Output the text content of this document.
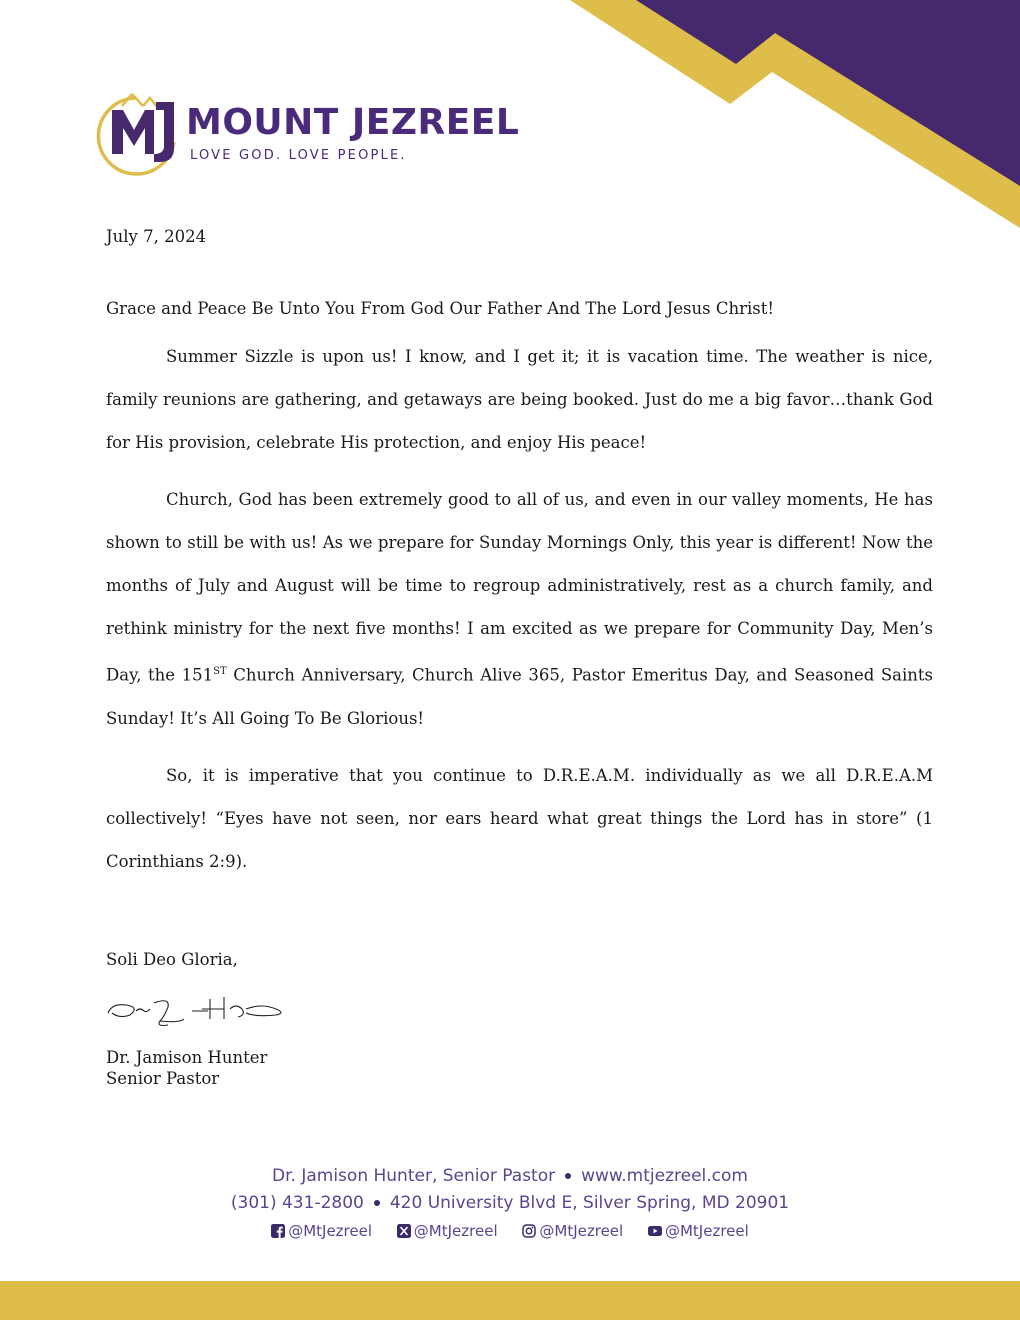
MOUNT JEZREEL
LOVE GOD. LOVE PEOPLE.

July 7, 2024

Grace and Peace Be Unto You From God Our Father And The Lord Jesus Christ!

Summer Sizzle is upon us! I know, and I get it; it is vacation time. The weather is nice, family reunions are gathering, and getaways are being booked. Just do me a big favor…thank God for His provision, celebrate His protection, and enjoy His peace!

Church, God has been extremely good to all of us, and even in our valley moments, He has shown to still be with us! As we prepare for Sunday Mornings Only, this year is different! Now the months of July and August will be time to regroup administratively, rest as a church family, and rethink ministry for the next five months! I am excited as we prepare for Community Day, Men’s Day, the 151ST Church Anniversary, Church Alive 365, Pastor Emeritus Day, and Seasoned Saints Sunday! It’s All Going To Be Glorious!

So, it is imperative that you continue to D.R.E.A.M. individually as we all D.R.E.A.M collectively! “Eyes have not seen, nor ears heard what great things the Lord has in store” (1 Corinthians 2:9).

Soli Deo Gloria,

Dr. Jamison Hunter
Senior Pastor

Dr. Jamison Hunter, Senior Pastor www.mtjezreel.com
(301) 431-2800 420 University Blvd E, Silver Spring, MD 20901
@MtJezreel	@MtJezreel	@MtJezreel	@MtJezreel
